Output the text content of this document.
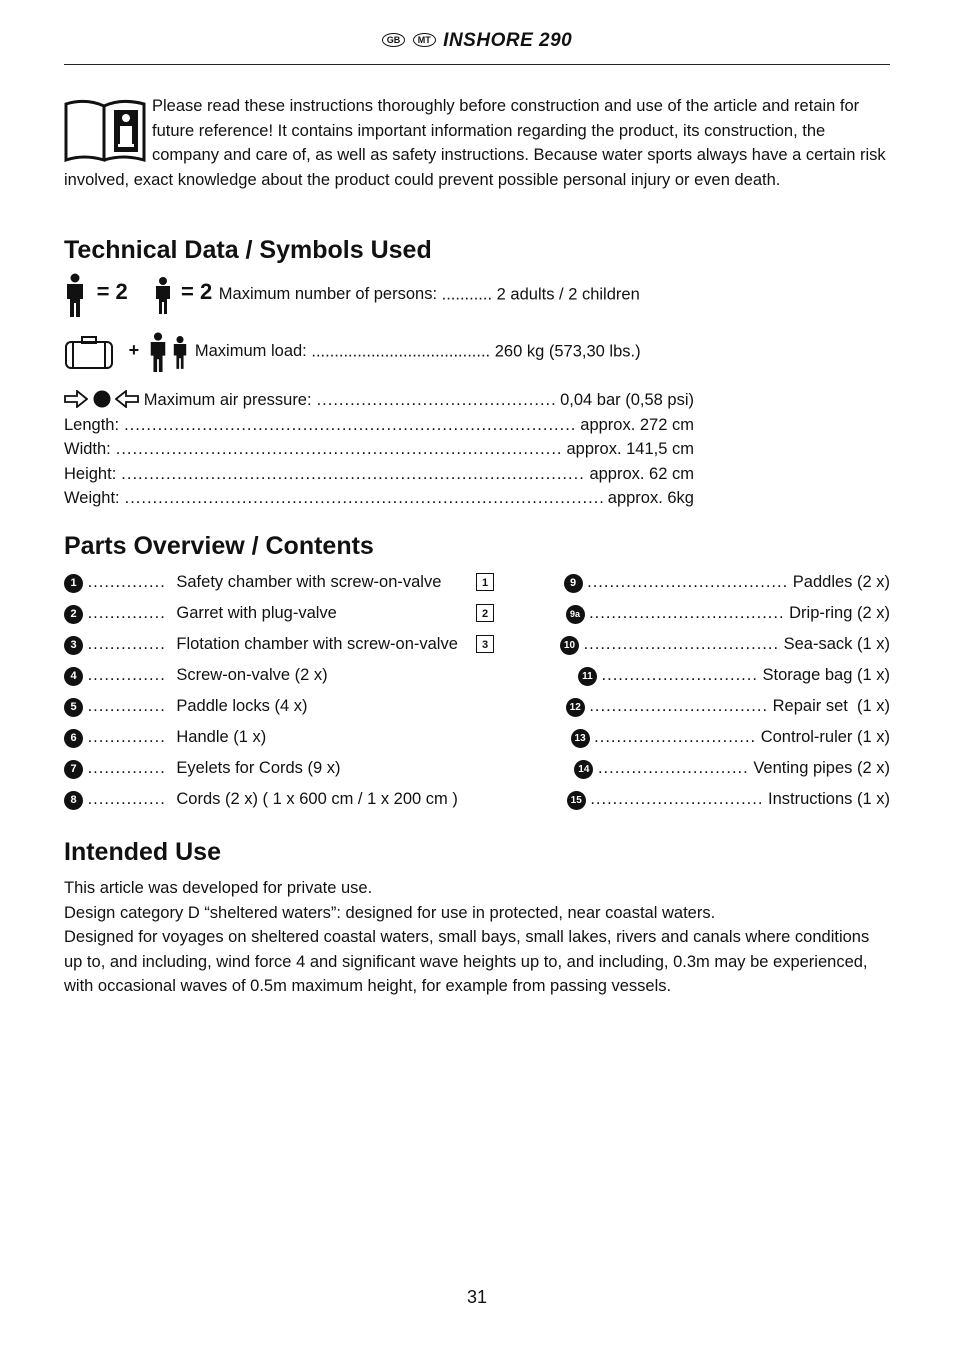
GB MT INSHORE 290
Please read these instructions thoroughly before construction and use of the article and retain for future reference! It contains important information regarding the product, its construction, the company and care of, as well as safety instructions. Because water sports always have a certain risk involved, exact knowledge about the product could prevent possible personal injury or even death.
Technical Data / Symbols Used
= 2 = 2 Maximum number of persons: ........... 2 adults / 2 children
+	Maximum load: ....................................... 260 kg (573,30 lbs.)
Maximum air pressure: .....	0,04 bar (0,58 psi)
Length: .....	approx. 272 cm
Width: .....	approx. 141,5 cm
Height: .....	approx. 62 cm
Weight: .....	approx. 6kg
Parts Overview / Contents
1 .............. Safety chamber with screw-on-valve	1
2 .............. Garret with plug-valve	2
3 .............. Flotation chamber with screw-on-valve	3
4 .............. Screw-on-valve (2 x)
5 .............. Paddle locks (4 x)
6 .............. Handle (1 x)
7 .............. Eyelets for Cords (9 x)
8 .............. Cords (2 x) ( 1 x 600 cm / 1 x 200 cm )
9 .................................... Paddles (2 x)
9a ................................... Drip-ring (2 x)
10 ................................... Sea-sack (1 x)
11 ............................ Storage bag (1 x)
12 ................................ Repair set  (1 x)
13 ............................. Control-ruler (1 x)
14 ........................... Venting pipes (2 x)
15 ............................... Instructions (1 x)
Intended Use

This article was developed for private use.

Design category D “sheltered waters”: designed for use in protected, near coastal waters.

Designed for voyages on sheltered coastal waters, small bays, small lakes, rivers and canals where conditions up to, and including, wind force 4 and significant wave heights up to, and including, 0.3m may be experienced, with occasional waves of 0.5m maximum height, for example from passing vessels.

31
